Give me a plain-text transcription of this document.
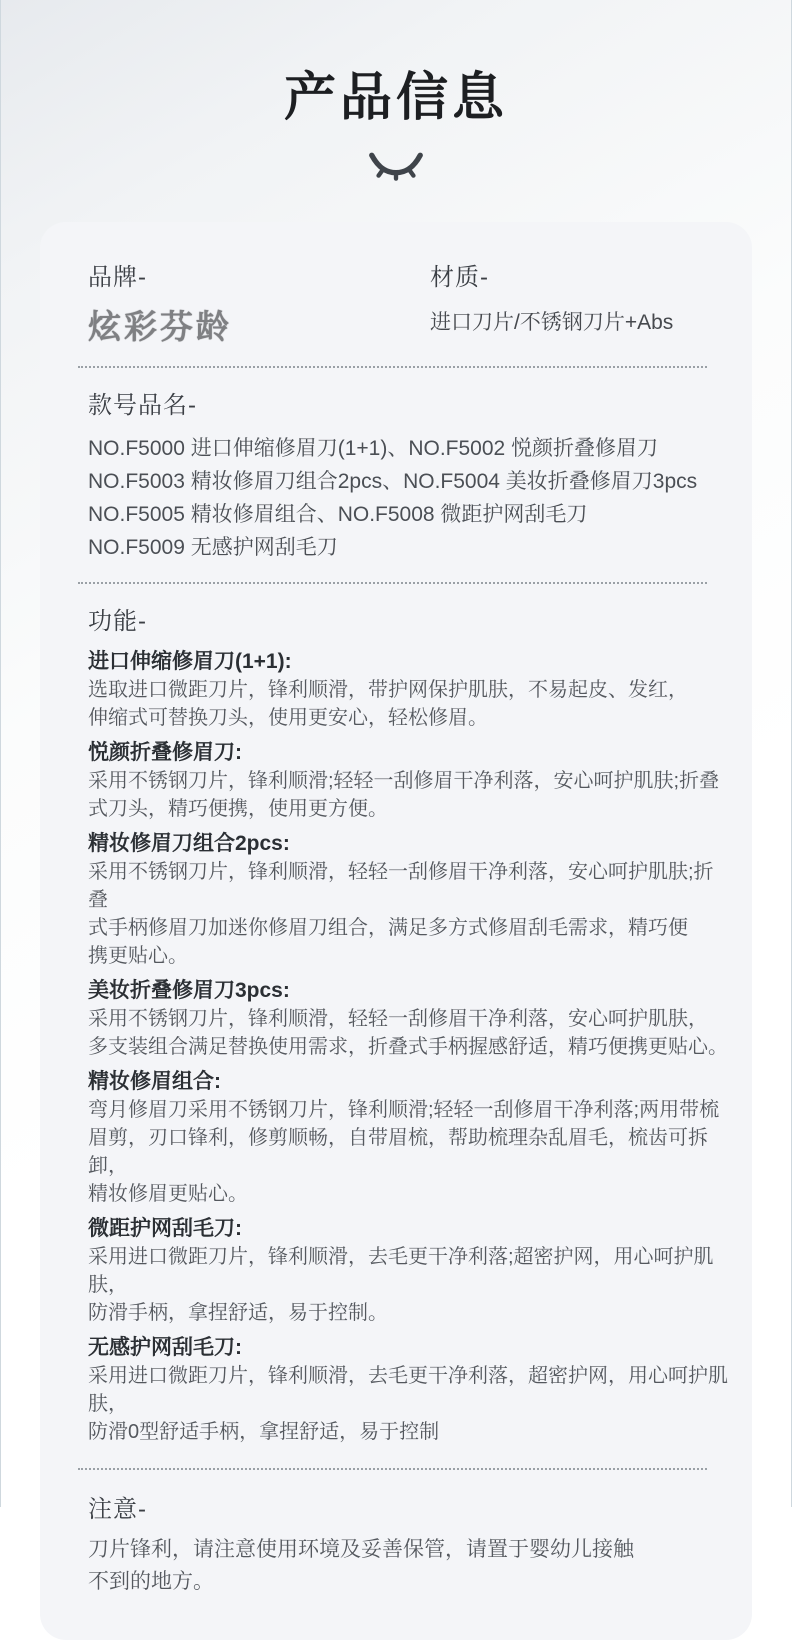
产品信息
品牌-
炫彩芬龄
材质-
进口刀片/不锈钢刀片+Abs
款号品名-
NO.F5000 进口伸缩修眉刀(1+1)、NO.F5002 悦颜折叠修眉刀
NO.F5003 精妆修眉刀组合2pcs、NO.F5004 美妆折叠修眉刀3pcs
NO.F5005 精妆修眉组合、NO.F5008 微距护网刮毛刀
NO.F5009 无感护网刮毛刀
功能-
进口伸缩修眉刀(1+1):
选取进口微距刀片，锋利顺滑，带护网保护肌肤，不易起皮、发红，
伸缩式可替换刀头，使用更安心，轻松修眉。
悦颜折叠修眉刀:
采用不锈钢刀片，锋利顺滑;轻轻一刮修眉干净利落，安心呵护肌肤;折叠
式刀头，精巧便携，使用更方便。
精妆修眉刀组合2pcs:
采用不锈钢刀片，锋利顺滑，轻轻一刮修眉干净利落，安心呵护肌肤;折叠
式手柄修眉刀加迷你修眉刀组合，满足多方式修眉刮毛需求，精巧便
携更贴心。
美妆折叠修眉刀3pcs:
采用不锈钢刀片，锋利顺滑，轻轻一刮修眉干净利落，安心呵护肌肤，
多支装组合满足替换使用需求，折叠式手柄握感舒适，精巧便携更贴心。
精妆修眉组合:
弯月修眉刀采用不锈钢刀片，锋利顺滑;轻轻一刮修眉干净利落;两用带梳
眉剪，刃口锋利，修剪顺畅，自带眉梳，帮助梳理杂乱眉毛，梳齿可拆卸，
精妆修眉更贴心。
微距护网刮毛刀:
采用进口微距刀片，锋利顺滑，去毛更干净利落;超密护网，用心呵护肌肤，
防滑手柄，拿捏舒适，易于控制。
无感护网刮毛刀:
采用进口微距刀片，锋利顺滑，去毛更干净利落，超密护网，用心呵护肌肤，
防滑0型舒适手柄，拿捏舒适，易于控制
注意-
刀片锋利，请注意使用环境及妥善保管，请置于婴幼儿接触
不到的地方。
